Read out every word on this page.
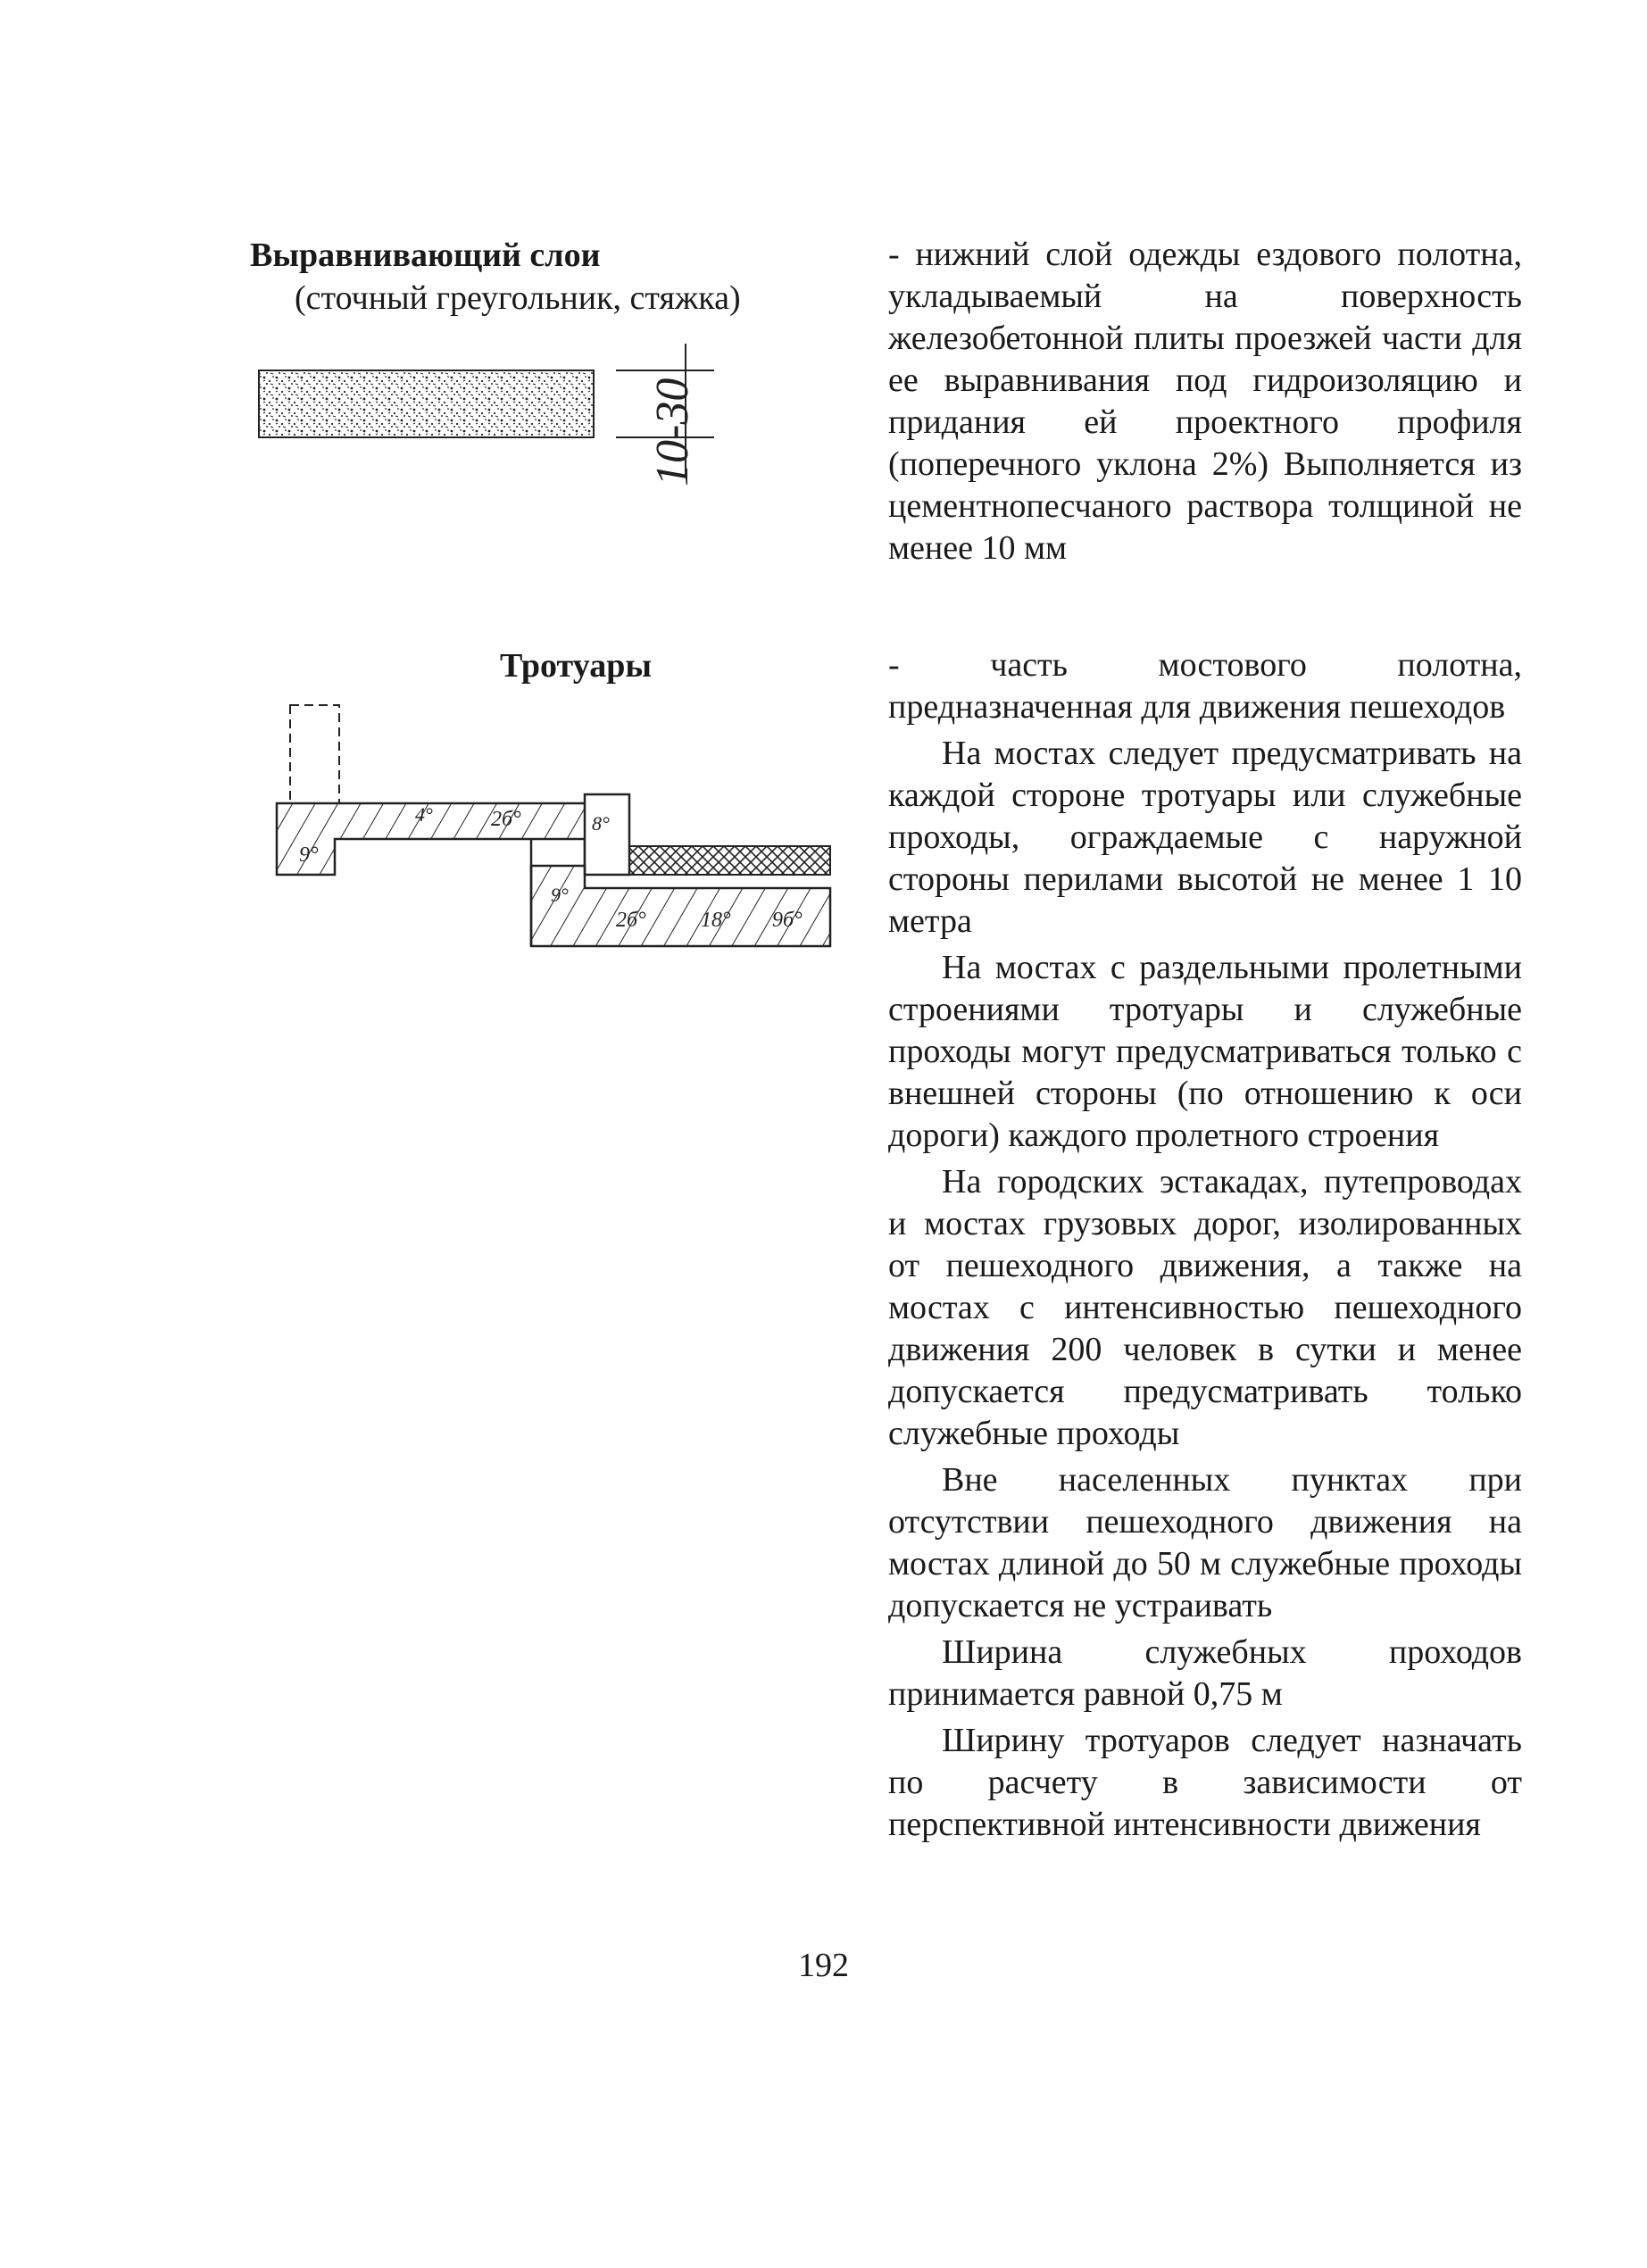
Выравнивающий слои
(сточный греугольник, стяжка)
10-30

- нижний слой одежды ездового полотна, укладываемый на поверхность железобетонной плиты проезжей части для ее выравнивания под гидроизоляцию и придания ей проектного профиля (поперечного уклона 2%) Выполняется из цементнопесчаного раствора толщиной не менее 10 мм

Тротуары
9°
4°	2б°
9°
8°
2б°	18° 9б°

- часть мостового полотна, предназначенная для движения пешеходов

На мостах следует предусматривать на каждой стороне тротуары или служебные проходы, ограждаемые с наружной стороны перилами высотой не менее 1 10 метра

На мостах с раздельными пролетными строениями тротуары и служебные проходы могут предусматриваться только с внешней стороны (по отношению к оси дороги) каждого пролетного строения

На городских эстакадах, путепроводах и мостах грузовых дорог, изолированных от пешеходного движения, а также на мостах с интенсивностью пешеходного движения 200 человек в сутки и менее допускается предусматривать только служебные проходы

Вне населенных пунктах при отсутствии пешеходного движения на мостах длиной до 50 м служебные проходы допускается не устраивать

Ширина служебных проходов принимается равной 0,75 м

Ширину тротуаров следует назначать по расчету в зависимости от перспективной интенсивности движения

192
